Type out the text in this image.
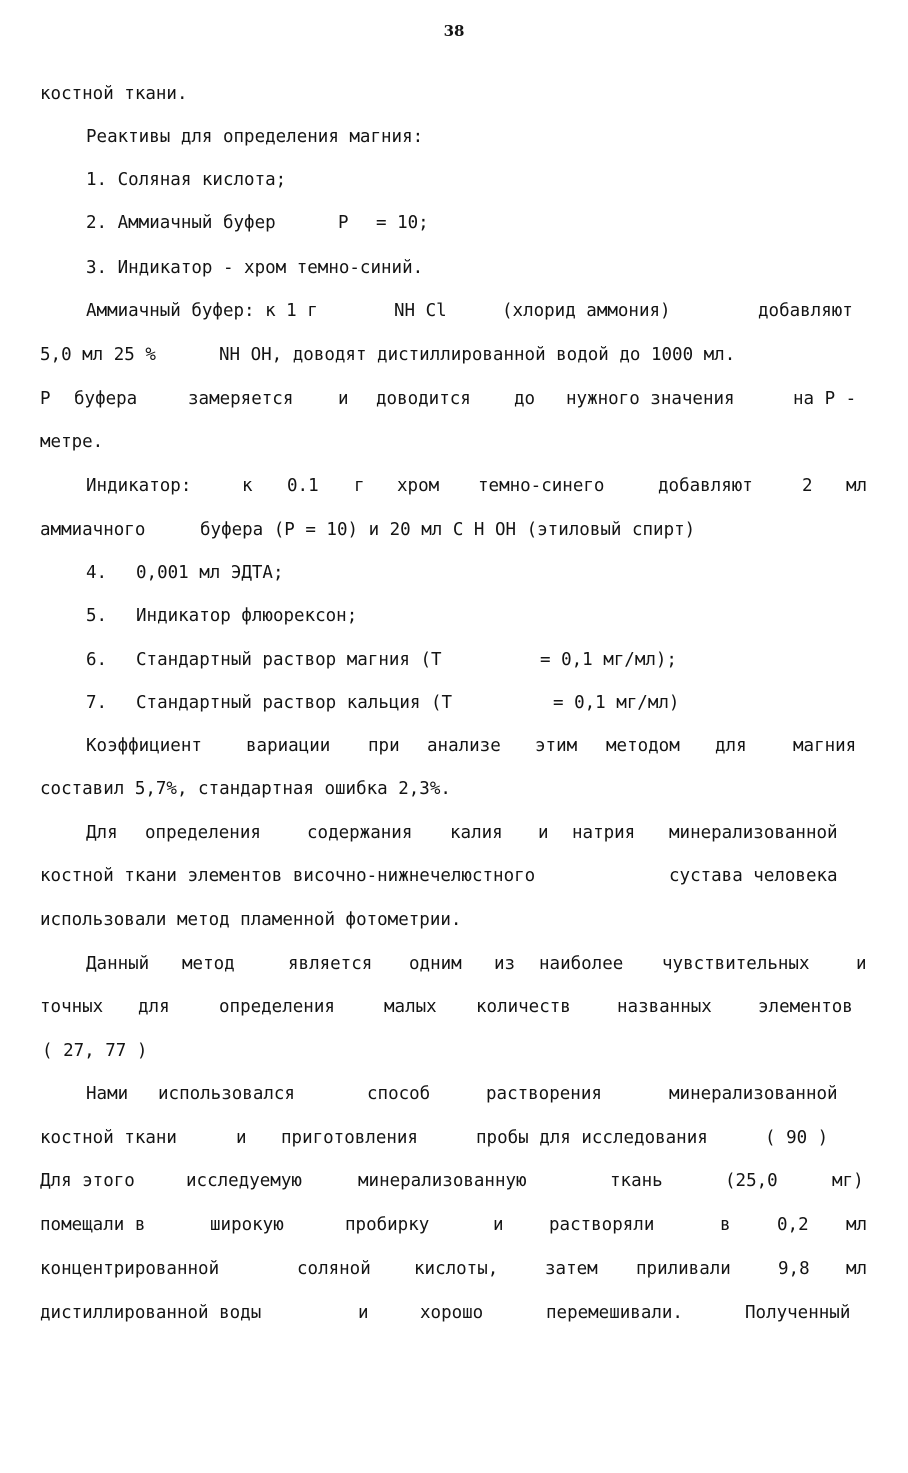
38

костной ткани.

Реактивы для определения магния:

1. Соляная кислота;

2. Аммиачный буфер

	P

= 10;

3. Индикатор - хром темно-синий.

Аммиачный буфер: к 1 г

	NH Cl

	(хлорид аммония)

	добавляют

5,0 мл 25 %

	NH OH, доводят дистиллированной водой до 1000 мл.

P

буфера

	замеряется

	и

доводится

до

нужного значения

	на P -

метре.

Индикатор:

	к

0.1

г

хром

темно-синего

	добавляют

	2

мл

аммиачного

	буфера (P = 10) и 20 мл C H OH (этиловый спирт)

4.

0,001 мл ЭДТА;

5.

Индикатор флюорексон;

6.

Стандартный раствор магния (T

	= 0,1 мг/мл);

7.

Стандартный раствор кальция (T

	= 0,1 мг/мл)

Коэффициент

	вариации

при

анализе

этим

методом

для

	магния

составил 5,7%, стандартная ошибка 2,3%.

Для

определения

	содержания

калия

и

натрия

минерализованной

костной ткани элементов височно-нижнечелюстного

	сустава человека

использовали метод пламенной фотометрии.

Данный

метод

	является

одним

из

наиболее

чувствительных

	и

точных

для

	определения

	малых

количеств

	названных

	элементов

( 27, 77 )

Нами

использовался

	способ

	растворения

	минерализованной

костной ткани

	и

приготовления

	пробы для исследования

	( 90 )

Для этого

	исследуемую

	минерализованную

	ткань

	(25,0

	мг)

помещали в

	широкую

	пробирку

	и

	растворяли

	в

	0,2

мл

концентрированной

	соляной

кислоты,

	затем

приливали

	9,8

мл

дистиллированной воды

	и

	хорошо

	перемешивали.

	Полученный
